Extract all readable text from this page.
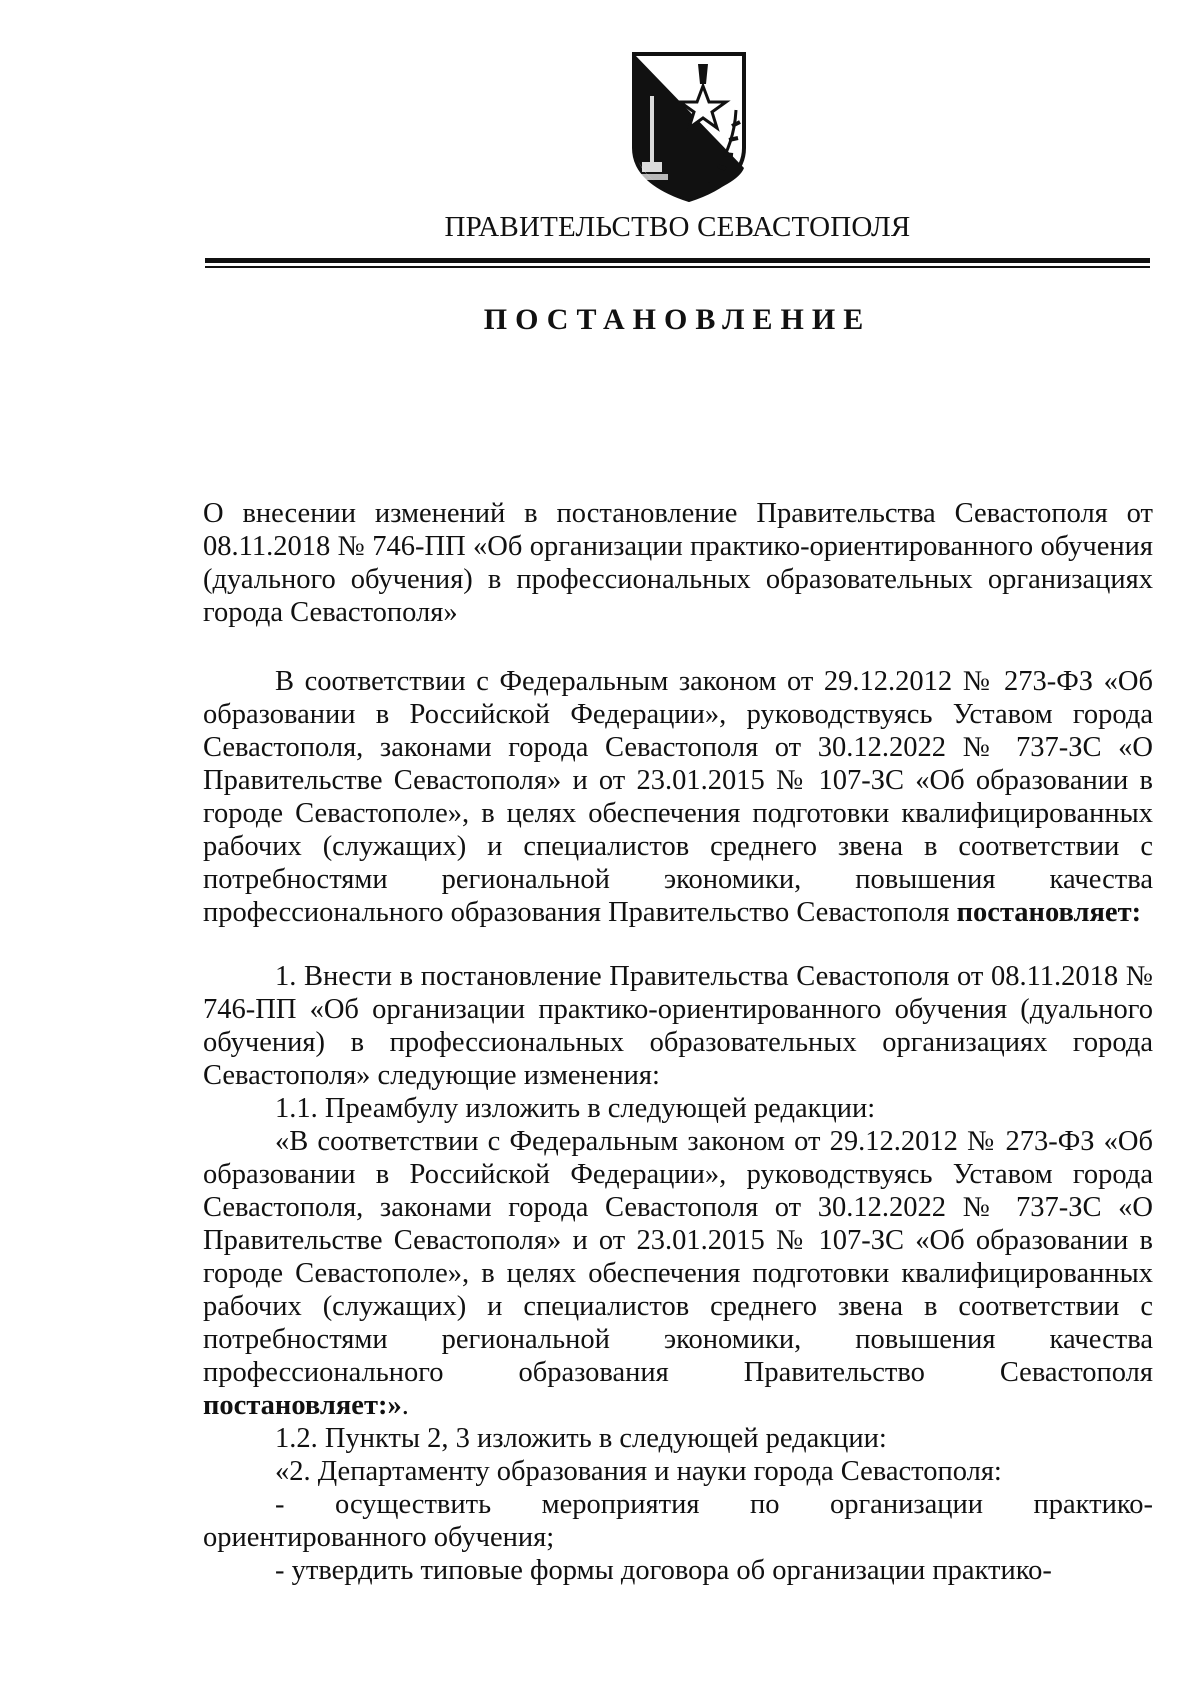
ПРАВИТЕЛЬСТВО СЕВАСТОПОЛЯ
ПОСТАНОВЛЕНИЕ

О внесении изменений в постановление Правительства Севастополя от 08.11.2018 № 746-ПП «Об организации практико-ориентированного обучения (дуального обучения) в профессиональных образовательных организациях города Севастополя»

В соответствии с Федеральным законом от 29.12.2012 № 273-ФЗ «Об образовании в Российской Федерации», руководствуясь Уставом города Севастополя, законами города Севастополя от 30.12.2022 № 737-ЗС «О Правительстве Севастополя» и от 23.01.2015 № 107-ЗС «Об образовании в городе Севастополе», в целях обеспечения подготовки квалифицированных рабочих (служащих) и специалистов среднего звена в соответствии с потребностями региональной экономики, повышения качества профессионального образования Правительство Севастополя постановляет:

1. Внести в постановление Правительства Севастополя от 08.11.2018 № 746-ПП «Об организации практико-ориентированного обучения (дуального обучения) в профессиональных образовательных организациях города Севастополя» следующие изменения:

1.1. Преамбулу изложить в следующей редакции:

«В соответствии с Федеральным законом от 29.12.2012 № 273-ФЗ «Об образовании в Российской Федерации», руководствуясь Уставом города Севастополя, законами города Севастополя от 30.12.2022 № 737-ЗС «О Правительстве Севастополя» и от 23.01.2015 № 107-ЗС «Об образовании в городе Севастополе», в целях обеспечения подготовки квалифицированных рабочих (служащих) и специалистов среднего звена в соответствии с потребностями региональной экономики, повышения качества профессионального образования Правительство Севастополя постановляет:».

1.2. Пункты 2, 3 изложить в следующей редакции:

«2. Департаменту образования и науки города Севастополя:

- осуществить мероприятия по организации практико-ориентированного обучения;

- утвердить типовые формы договора об организации практико-
